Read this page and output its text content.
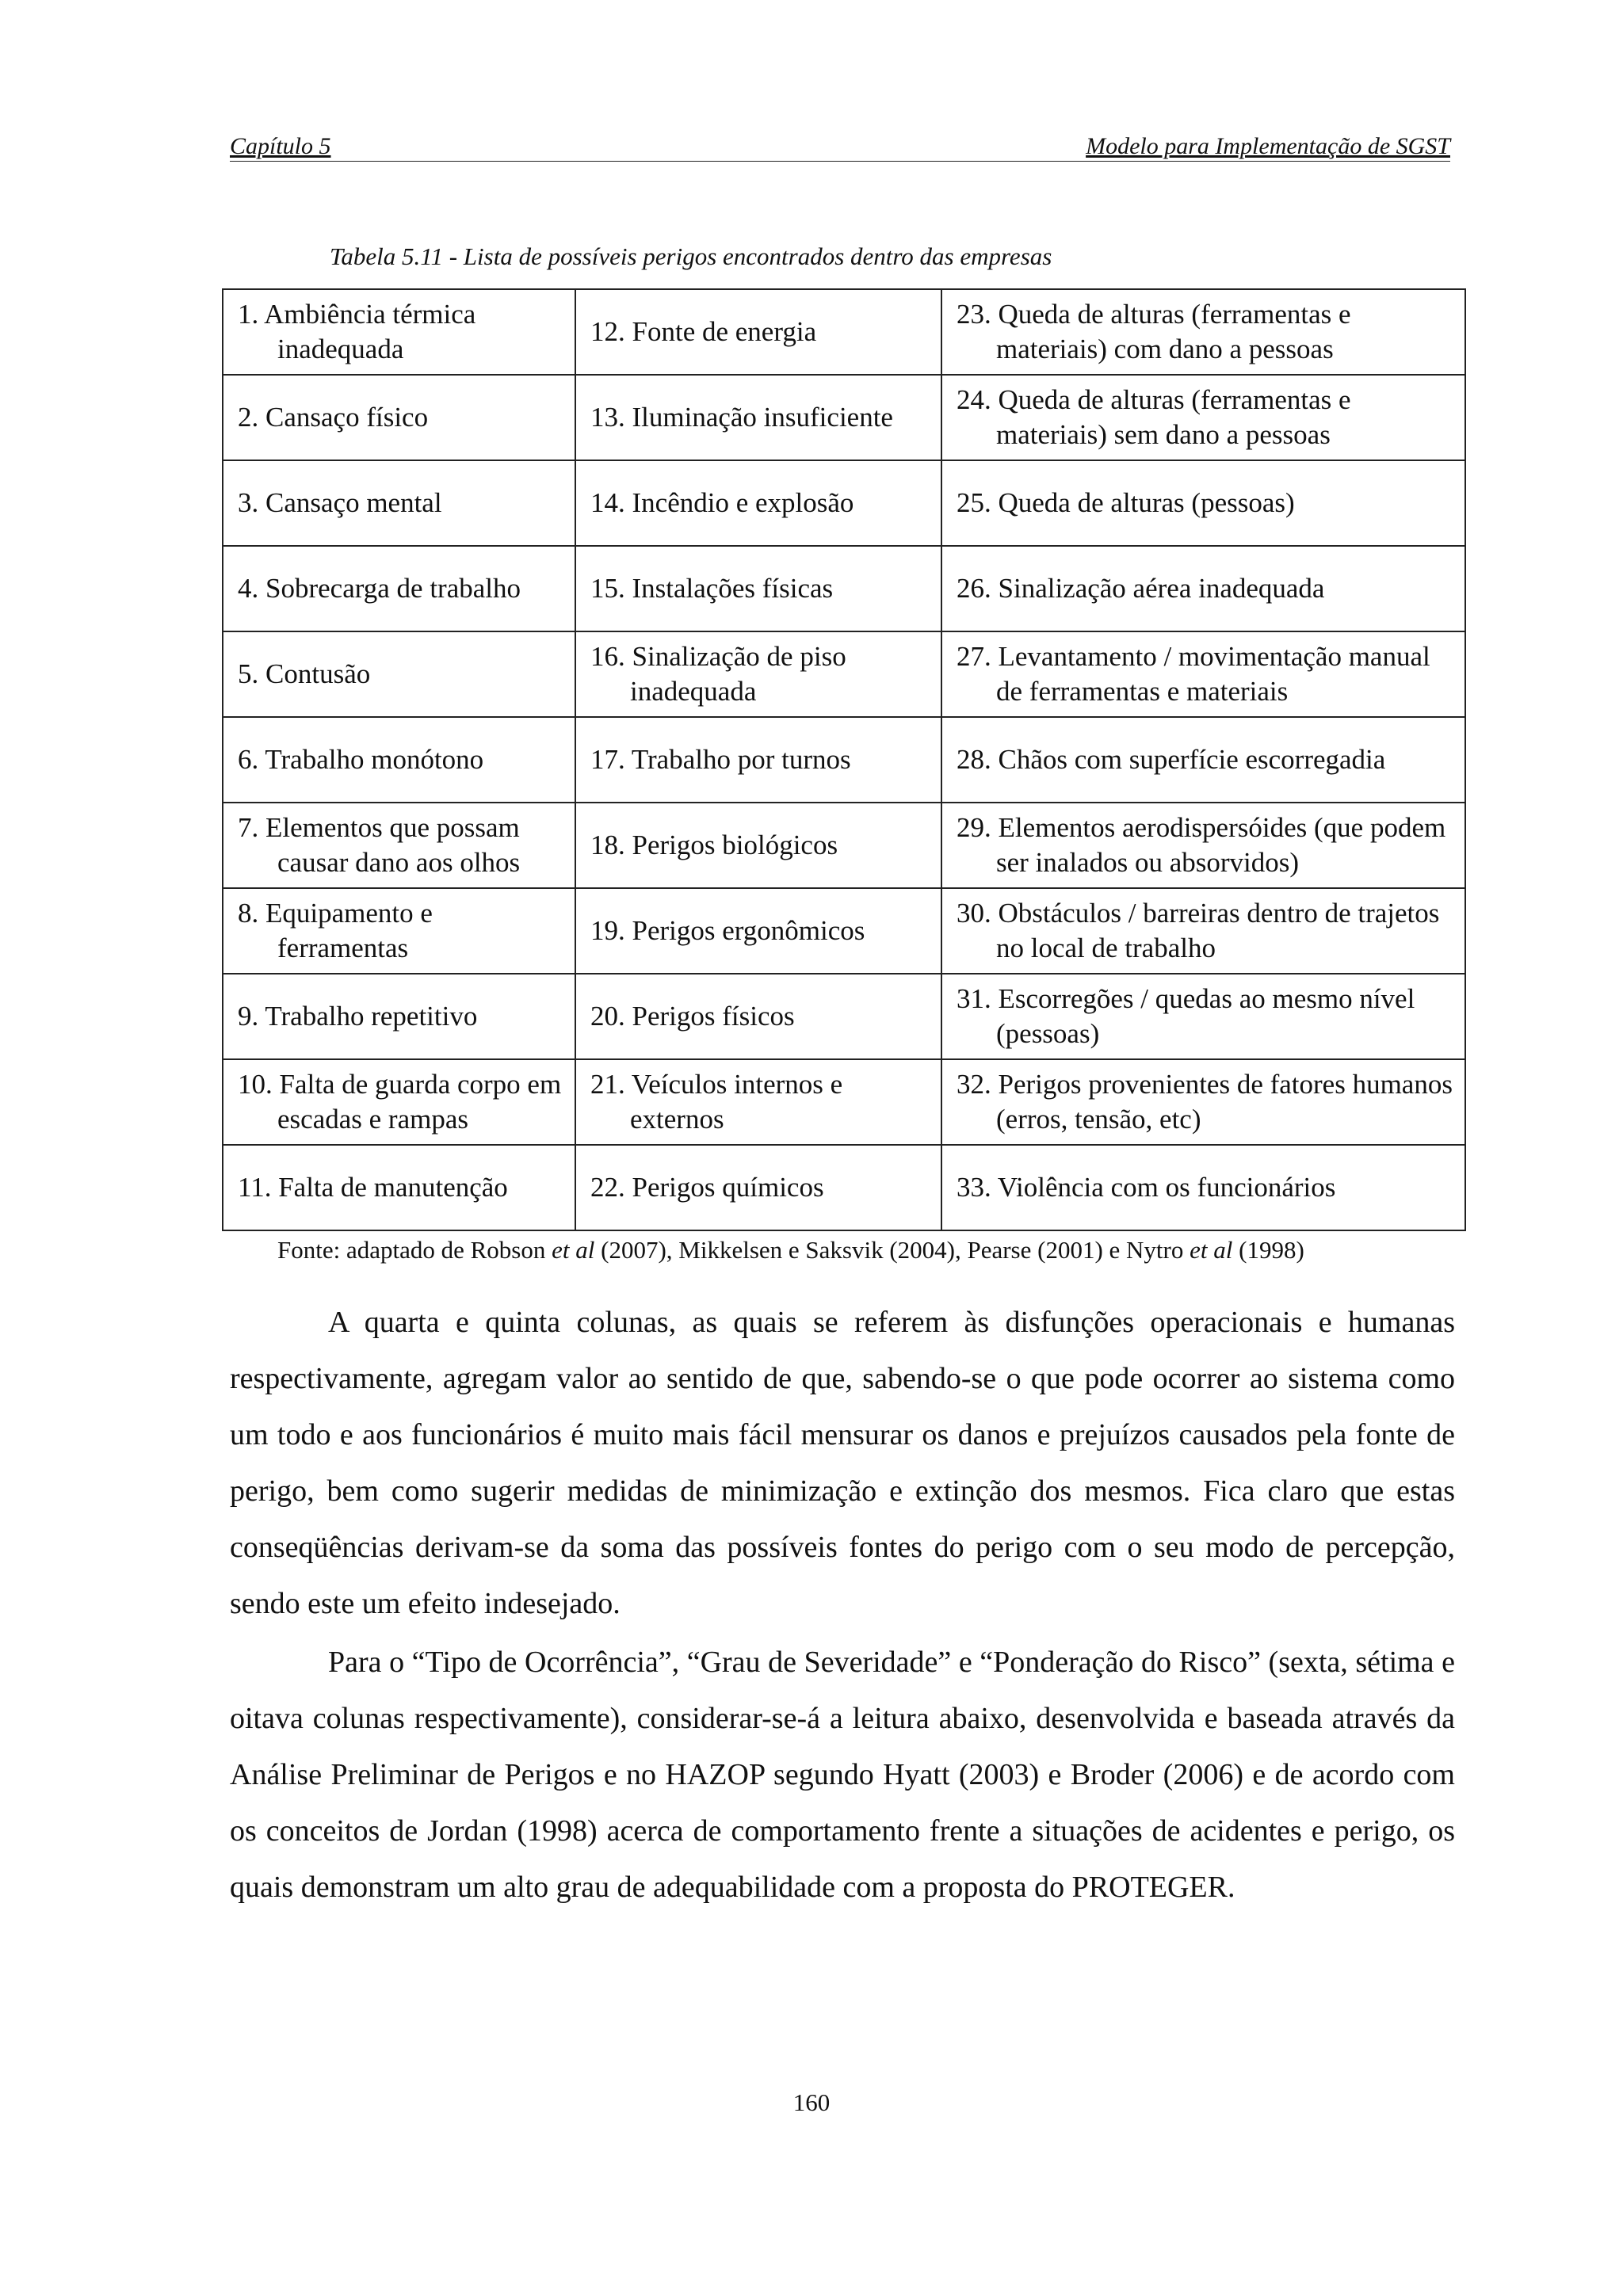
Capítulo 5	Modelo para Implementação de SGST
Tabela 5.11 - Lista de possíveis perigos encontrados dentro das empresas
1. Ambiência térmica inadequada	12. Fonte de energia	23. Queda de alturas (ferramentas e materiais) com dano a pessoas

2. Cansaço físico	13. Iluminação insuficiente	24. Queda de alturas (ferramentas e materiais) sem dano a pessoas

3. Cansaço mental	14. Incêndio e explosão	25. Queda de alturas (pessoas)

4. Sobrecarga de trabalho	15. Instalações físicas	26. Sinalização aérea inadequada

5. Contusão	16. Sinalização de piso inadequada	27. Levantamento / movimentação manual de ferramentas e materiais

6. Trabalho monótono	17. Trabalho por turnos	28. Chãos com superfície escorregadia

7. Elementos que possam causar dano aos olhos	18. Perigos biológicos	29. Elementos aerodispersóides (que podem ser inalados ou absorvidos)

8. Equipamento e ferramentas	19. Perigos ergonômicos	30. Obstáculos / barreiras dentro de trajetos no local de trabalho

9. Trabalho repetitivo	20. Perigos físicos	31. Escorregões / quedas ao mesmo nível (pessoas)

10. Falta de guarda corpo em escadas e rampas	21. Veículos internos e externos	32. Perigos provenientes de fatores humanos (erros, tensão, etc)

11. Falta de manutenção	22. Perigos químicos	33. Violência com os funcionários
Fonte: adaptado de Robson et al (2007), Mikkelsen e Saksvik (2004), Pearse (2001) e Nytro et al (1998)

A quarta e quinta colunas, as quais se referem às disfunções operacionais e humanas respectivamente, agregam valor ao sentido de que, sabendo-se o que pode ocorrer ao sistema como um todo e aos funcionários é muito mais fácil mensurar os danos e prejuízos causados pela fonte de perigo, bem como sugerir medidas de minimização e extinção dos mesmos. Fica claro que estas conseqüências derivam-se da soma das possíveis fontes do perigo com o seu modo de percepção, sendo este um efeito indesejado.

Para o “Tipo de Ocorrência”, “Grau de Severidade” e “Ponderação do Risco” (sexta, sétima e oitava colunas respectivamente), considerar-se-á a leitura abaixo, desenvolvida e baseada através da Análise Preliminar de Perigos e no HAZOP segundo Hyatt (2003) e Broder (2006) e de acordo com os conceitos de Jordan (1998) acerca de comportamento frente a situações de acidentes e perigo, os quais demonstram um alto grau de adequabilidade com a proposta do PROTEGER.

160
